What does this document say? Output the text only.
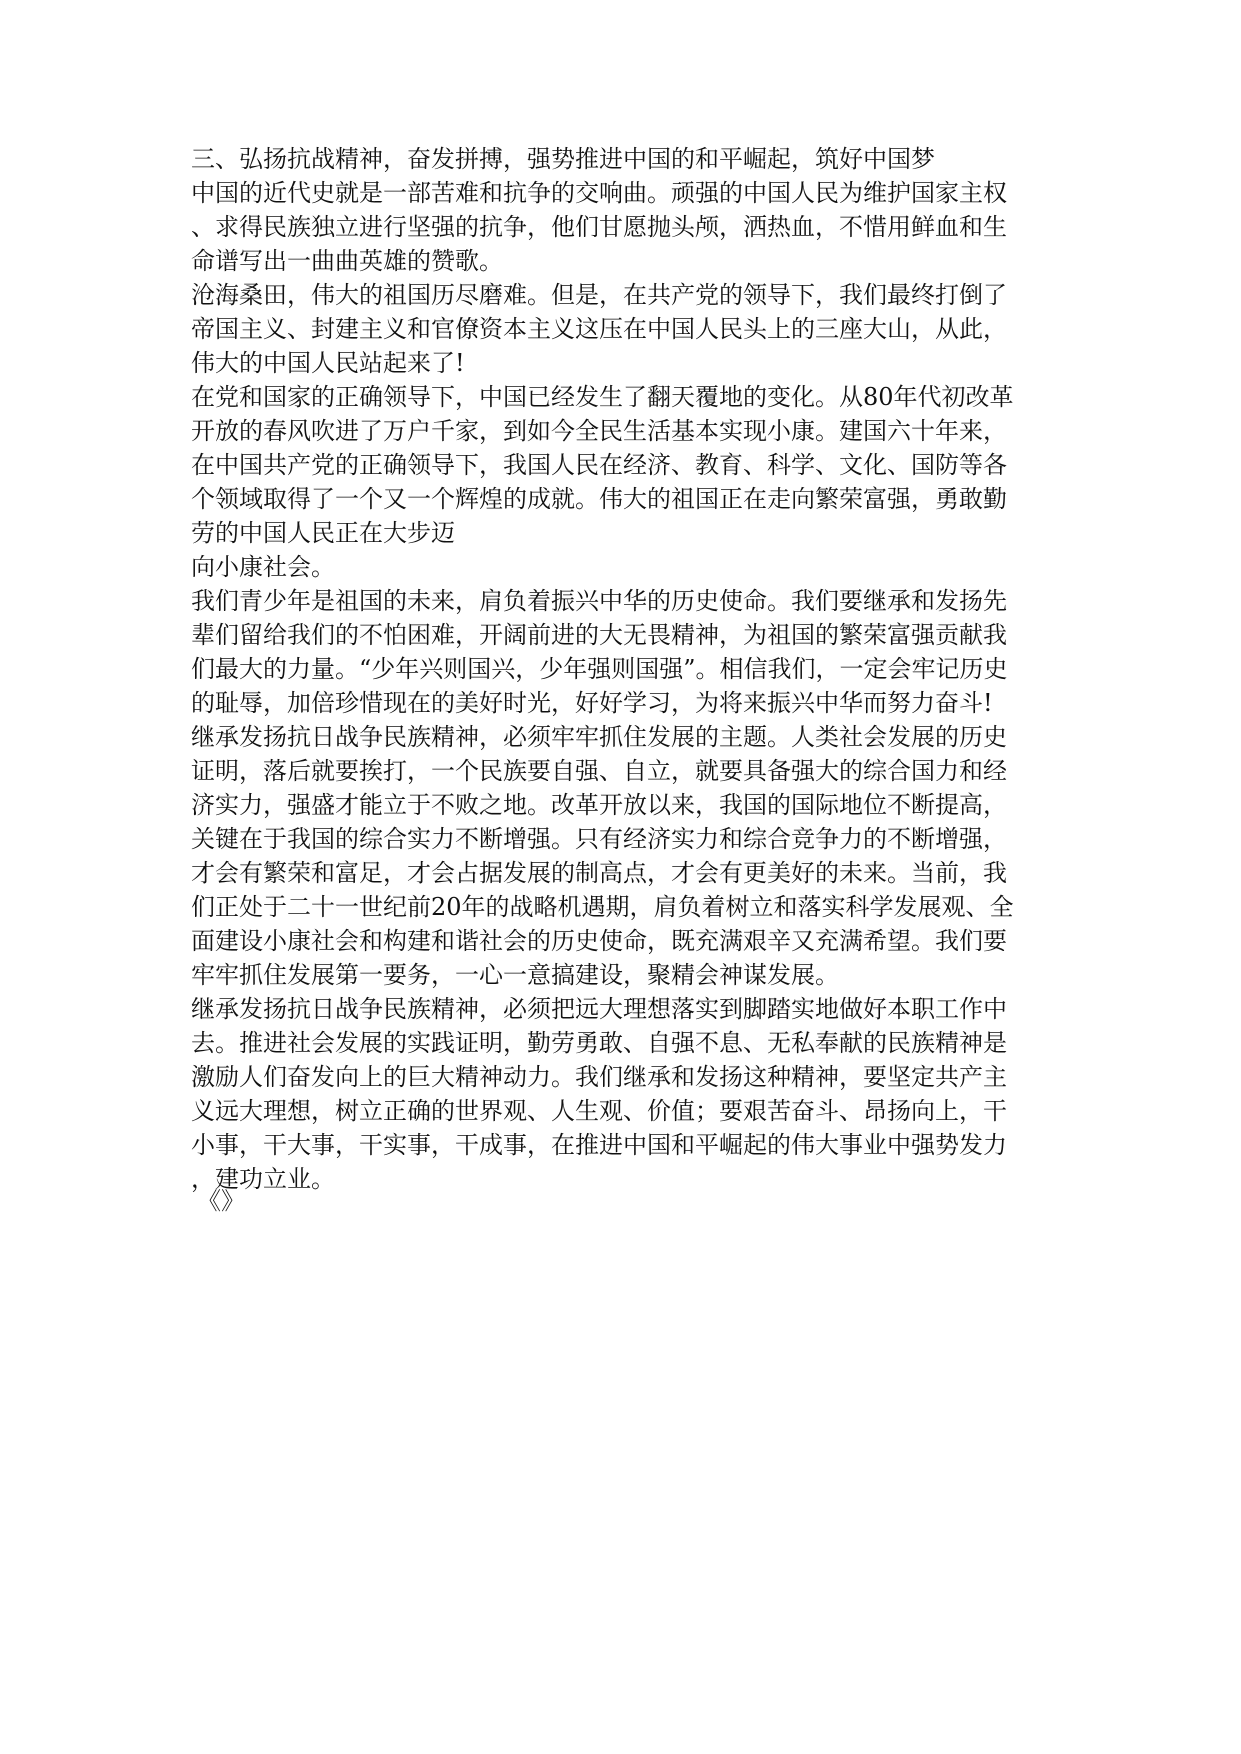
三、弘扬抗战精神，奋发拼搏，强势推进中国的和平崛起，筑好中国梦
中国的近代史就是一部苦难和抗争的交响曲。顽强的中国人民为维护国家主权
、求得民族独立进行坚强的抗争，他们甘愿抛头颅，洒热血，不惜用鲜血和生
命谱写出一曲曲英雄的赞歌。
沧海桑田，伟大的祖国历尽磨难。但是，在共产党的领导下，我们最终打倒了
帝国主义、封建主义和官僚资本主义这压在中国人民头上的三座大山，从此，
伟大的中国人民站起来了!
在党和国家的正确领导下，中国已经发生了翻天覆地的变化。从80年代初改革
开放的春风吹进了万户千家，到如今全民生活基本实现小康。建国六十年来，
在中国共产党的正确领导下，我国人民在经济、教育、科学、文化、国防等各
个领域取得了一个又一个辉煌的成就。伟大的祖国正在走向繁荣富强，勇敢勤
劳的中国人民正在大步迈
向小康社会。
我们青少年是祖国的未来，肩负着振兴中华的历史使命。我们要继承和发扬先
辈们留给我们的不怕困难，开阔前进的大无畏精神，为祖国的繁荣富强贡献我
们最大的力量。“少年兴则国兴，少年强则国强”。相信我们，一定会牢记历史
的耻辱，加倍珍惜现在的美好时光，好好学习，为将来振兴中华而努力奋斗!
继承发扬抗日战争民族精神，必须牢牢抓住发展的主题。人类社会发展的历史
证明，落后就要挨打，一个民族要自强、自立，就要具备强大的综合国力和经
济实力，强盛才能立于不败之地。改革开放以来，我国的国际地位不断提高，
关键在于我国的综合实力不断增强。只有经济实力和综合竞争力的不断增强，
才会有繁荣和富足，才会占据发展的制高点，才会有更美好的未来。当前，我
们正处于二十一世纪前20年的战略机遇期，肩负着树立和落实科学发展观、全
面建设小康社会和构建和谐社会的历史使命，既充满艰辛又充满希望。我们要
牢牢抓住发展第一要务，一心一意搞建设，聚精会神谋发展。
继承发扬抗日战争民族精神，必须把远大理想落实到脚踏实地做好本职工作中
去。推进社会发展的实践证明，勤劳勇敢、自强不息、无私奉献的民族精神是
激励人们奋发向上的巨大精神动力。我们继承和发扬这种精神，要坚定共产主
义远大理想，树立正确的世界观、人生观、价值；要艰苦奋斗、昂扬向上，干
小事，干大事，干实事，干成事，在推进中国和平崛起的伟大事业中强势发力
，建功立业。
《》
